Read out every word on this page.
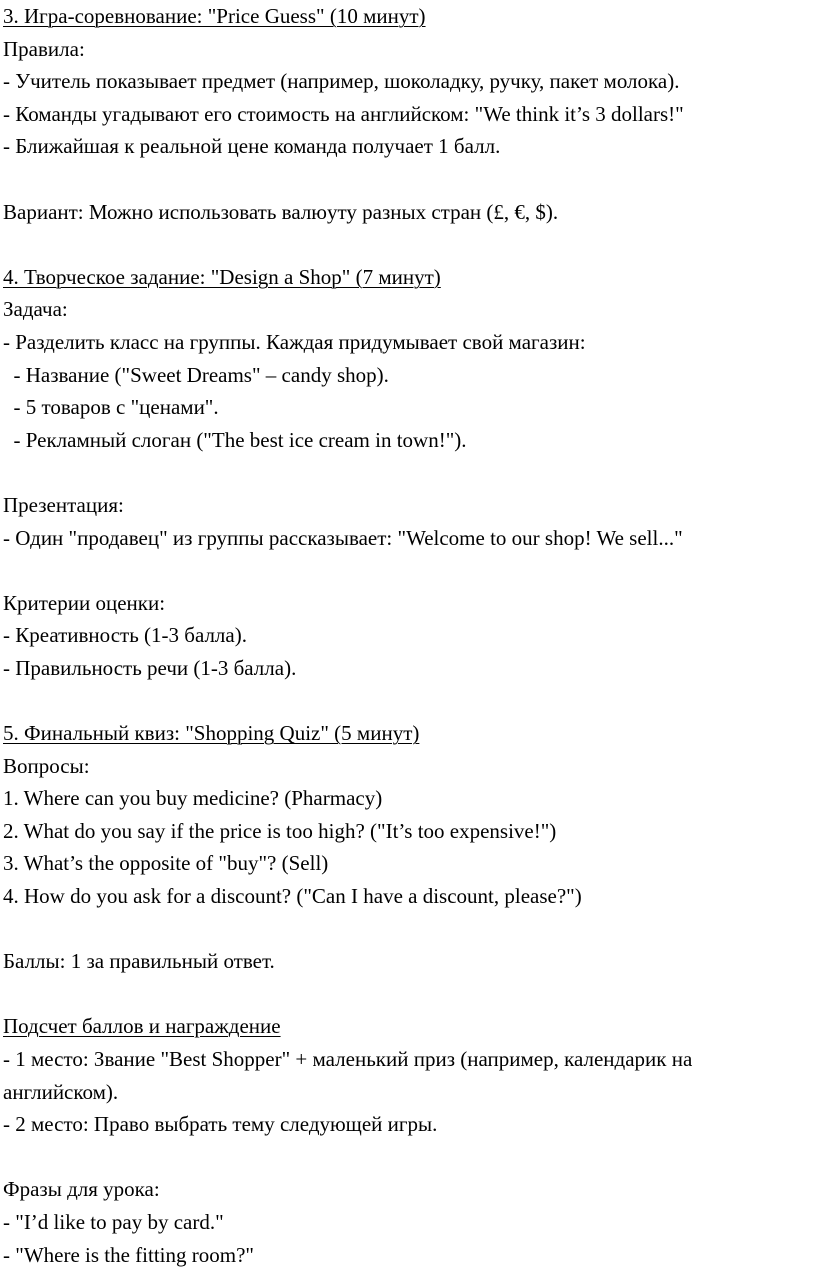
3. Игра-соревнование: "Price Guess" (10 минут)
Правила:
- Учитель показывает предмет (например, шоколадку, ручку, пакет молока).
- Команды угадывают его стоимость на английском: "We think it’s 3 dollars!"
- Ближайшая к реальной цене команда получает 1 балл.
Вариант: Можно использовать валюуту разных стран (£, €, $).
4. Творческое задание: "Design a Shop" (7 минут)
Задача:
- Разделить класс на группы. Каждая придумывает свой магазин:
- Название ("Sweet Dreams" – candy shop).
- 5 товаров с "ценами".
- Рекламный слоган ("The best ice cream in town!").
Презентация:
- Один "продавец" из группы рассказывает: "Welcome to our shop! We sell..."
Критерии оценки:
- Креативность (1-3 балла).
- Правильность речи (1-3 балла).
5. Финальный квиз: "Shopping Quiz" (5 минут)
Вопросы:
1. Where can you buy medicine? (Pharmacy)
2. What do you say if the price is too high? ("It’s too expensive!")
3. What’s the opposite of "buy"? (Sell)
4. How do you ask for a discount? ("Can I have a discount, please?")
Баллы: 1 за правильный ответ.
Подсчет баллов и награждение
- 1 место: Звание "Best Shopper" + маленький приз (например, календарик на
английском).
- 2 место: Право выбрать тему следующей игры.
Фразы для урока:
- "I’d like to pay by card."
- "Where is the fitting room?"
